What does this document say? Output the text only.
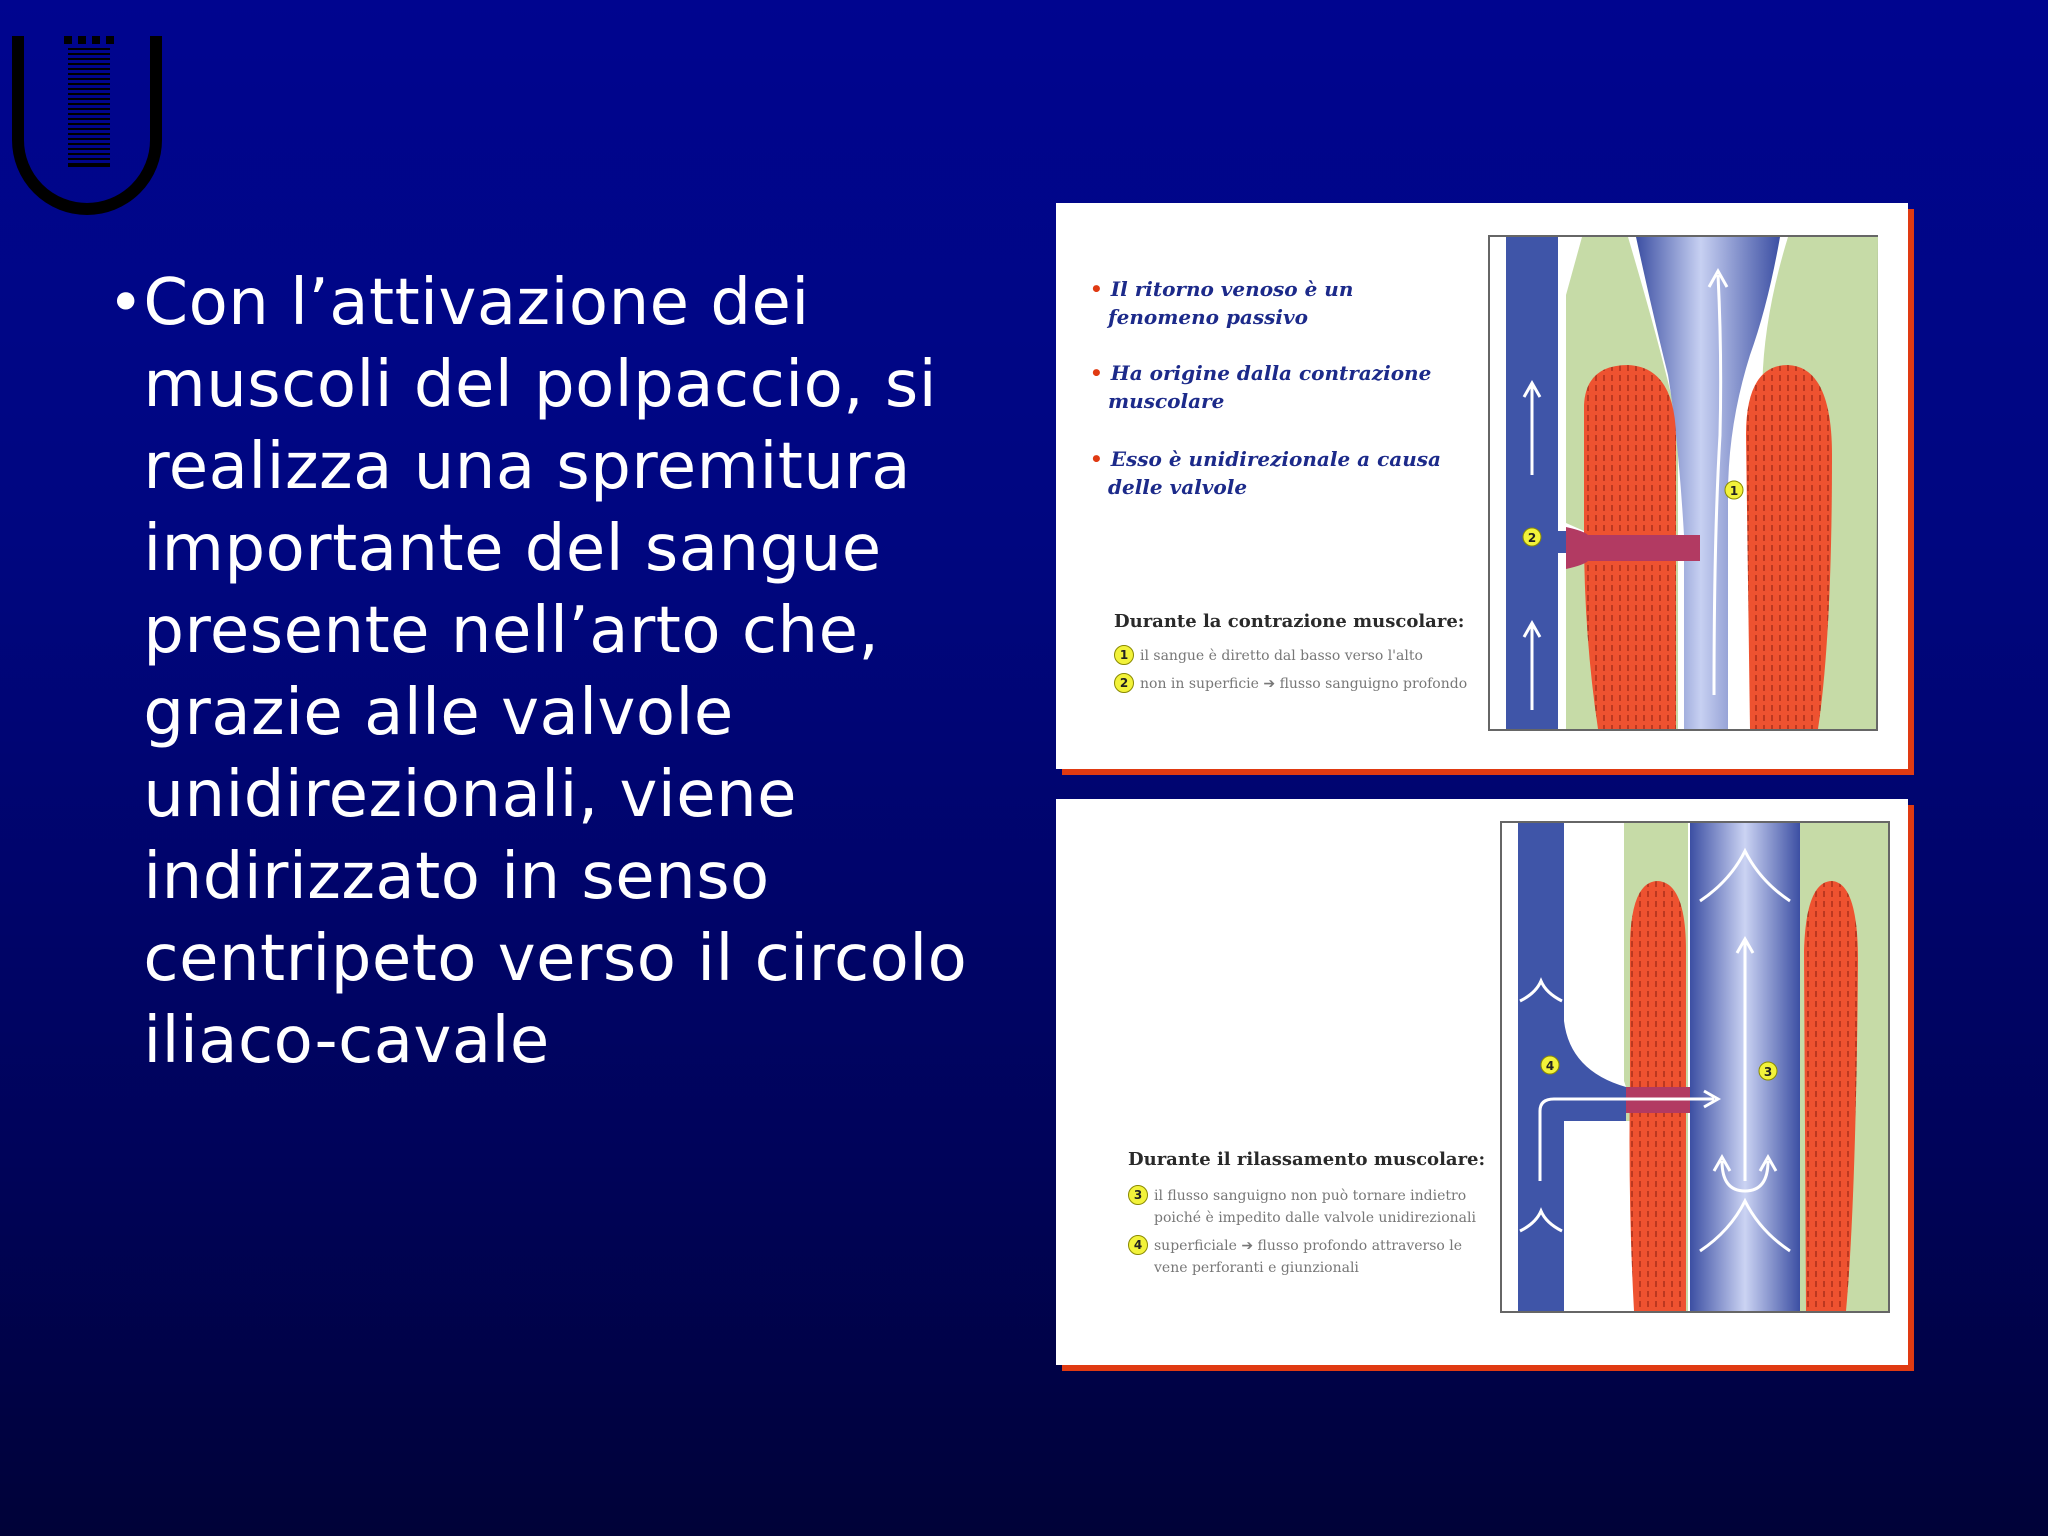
• Con l’attivazione dei muscoli del polpaccio, si realizza una spremitura importante del sangue presente nell’arto che, grazie alle valvole unidirezionali, viene indirizzato in senso centripeto verso il circolo iliaco-cavale
• Il ritorno venoso è un
fenomeno passivo
• Ha origine dalla contrazione
muscolare
• Esso è unidirezionale a causa
delle valvole
Durante la contrazione muscolare:
1 il sangue è diretto dal basso verso l'alto
2 non in superficie ➔ flusso sanguigno profondo
1
2
Durante il rilassamento muscolare:
3 il flusso sanguigno non può tornare indietro poiché è impedito dalle valvole unidirezionali
4 superficiale ➔ flusso profondo attraverso le vene perforanti e giunzionali
3
4
